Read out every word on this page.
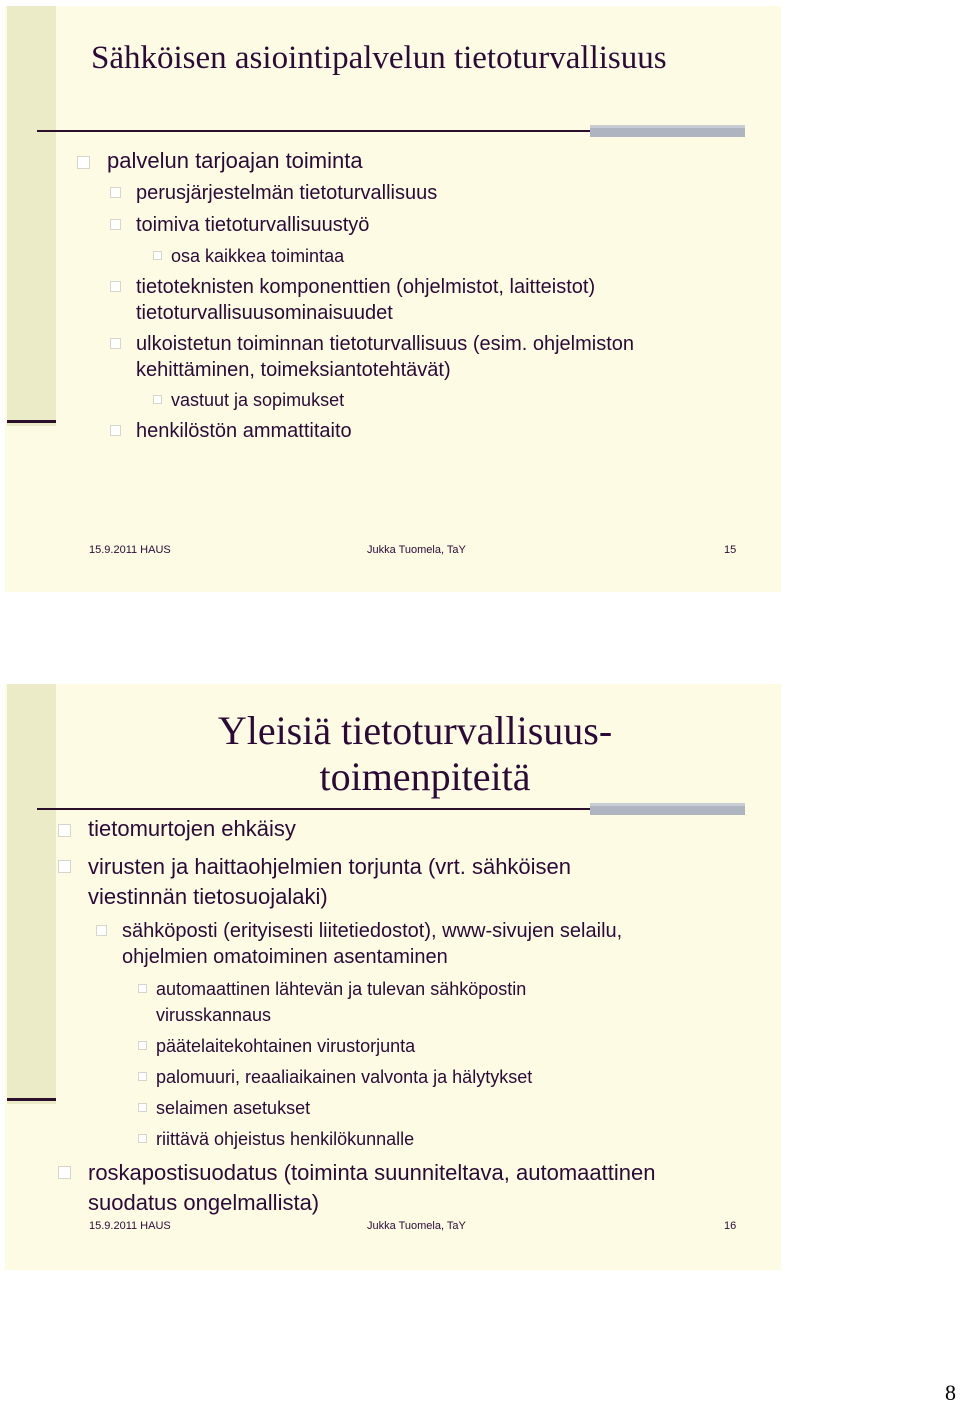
Sähköisen asiointipalvelun tietoturvallisuus
palvelun tarjoajan toiminta
perusjärjestelmän tietoturvallisuus
toimiva tietoturvallisuustyö
osa kaikkea toimintaa
tietoteknisten komponenttien (ohjelmistot, laitteistot)
tietoturvallisuusominaisuudet
ulkoistetun toiminnan tietoturvallisuus (esim. ohjelmiston
kehittäminen, toimeksiantotehtävät)
vastuut ja sopimukset
henkilöstön ammattitaito
15.9.2011 HAUS	Jukka Tuomela, TaY	15
Yleisiä tietoturvallisuus-
toimenpiteitä
tietomurtojen ehkäisy
virusten ja haittaohjelmien torjunta (vrt. sähköisen
viestinnän tietosuojalaki)
sähköposti (erityisesti liitetiedostot), www-sivujen selailu,
ohjelmien omatoiminen asentaminen
automaattinen lähtevän ja tulevan sähköpostin
virusskannaus
päätelaitekohtainen virustorjunta
palomuuri, reaaliaikainen valvonta ja hälytykset
selaimen asetukset
riittävä ohjeistus henkilökunnalle
roskapostisuodatus (toiminta suunniteltava, automaattinen
suodatus ongelmallista)
15.9.2011 HAUS	Jukka Tuomela, TaY	16
8
